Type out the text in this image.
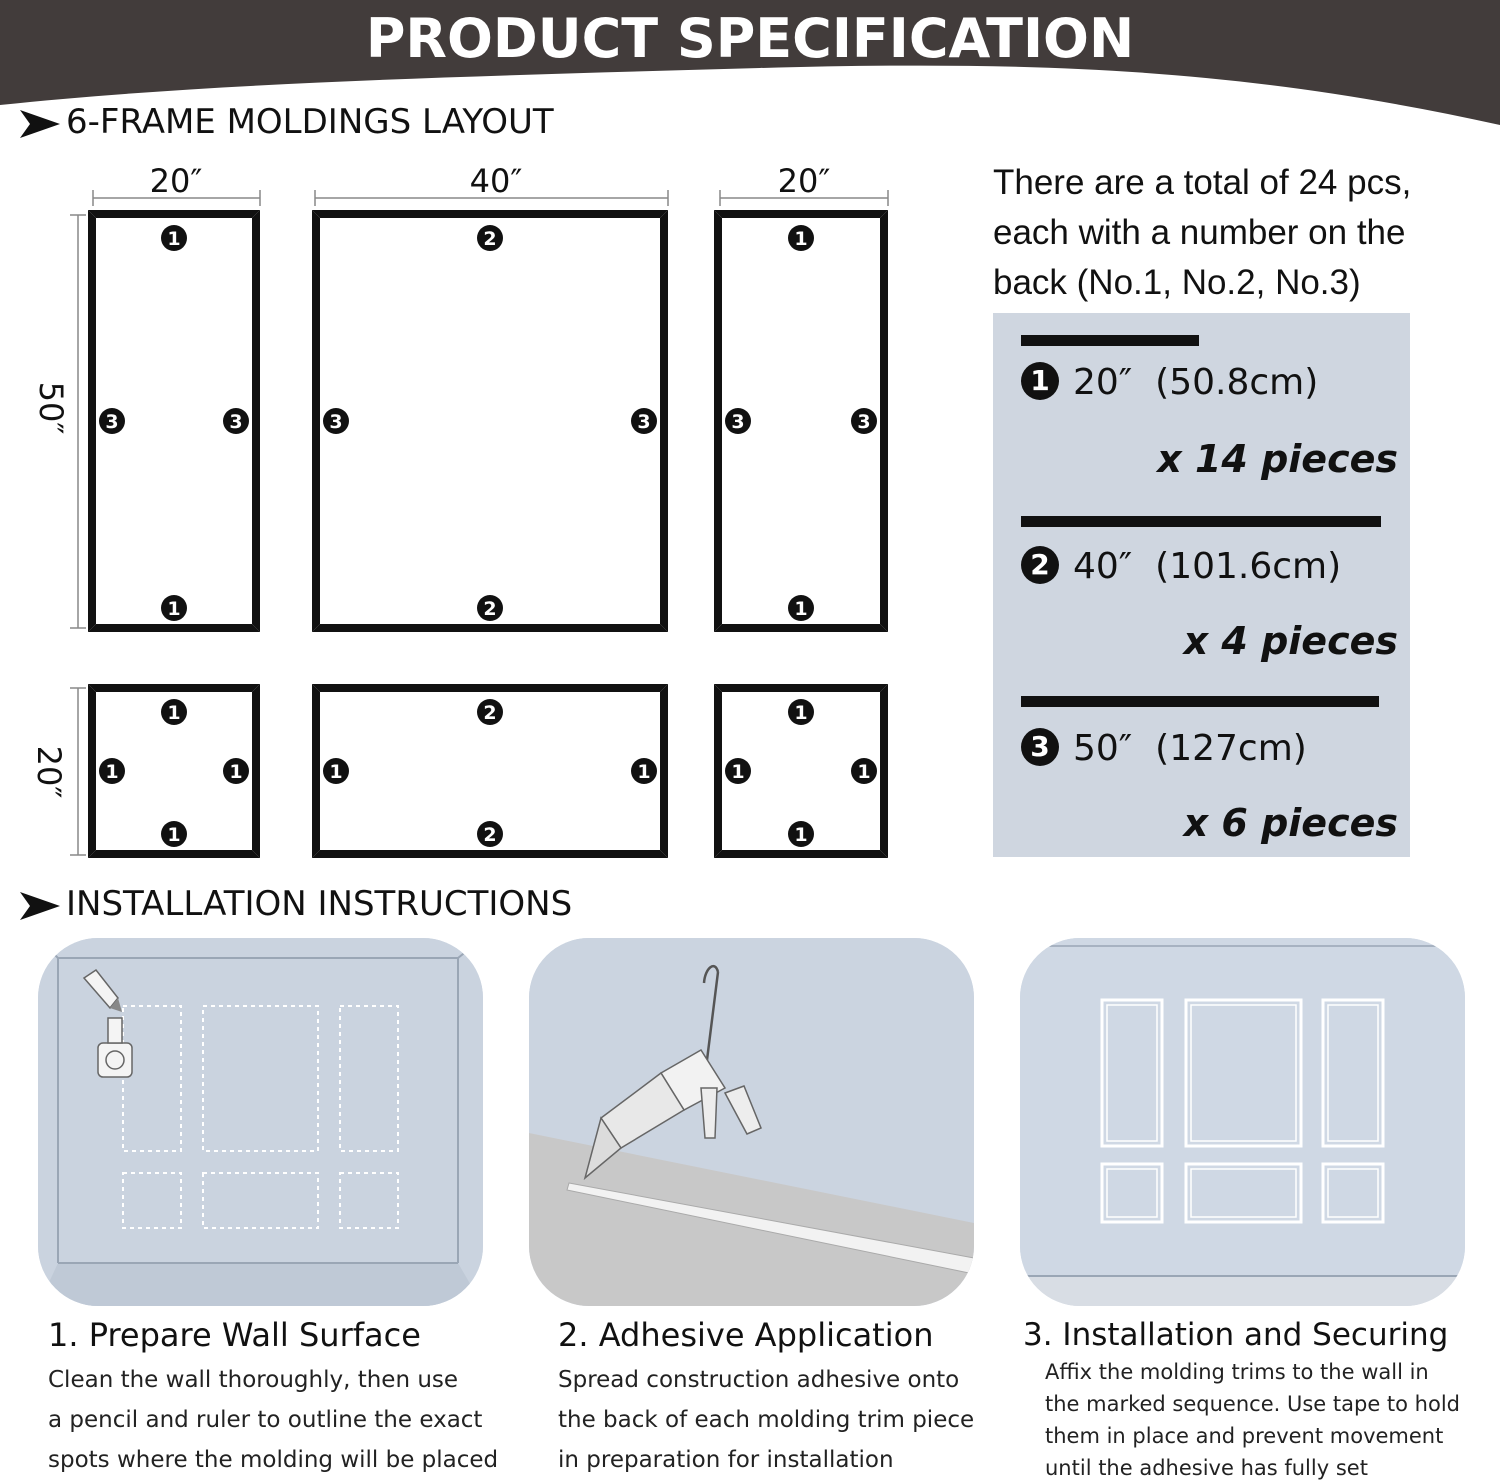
PRODUCT SPECIFICATION
6-FRAME MOLDINGS LAYOUT
1
1
3	3
2
2
3	3
1
1
3	3
1
1
1	1
2
2
1	1
1
1
1	1
20″	40″	20″
50″
20″
There are a total of 24 pcs,
each with a number on the
back (No.1, No.2, No.3)
1 20″ (50.8cm)
x 14 pieces
2 40″ (101.6cm)
x 4 pieces
3 50″ (127cm)
x 6 pieces
INSTALLATION INSTRUCTIONS
1. Prepare Wall Surface
Clean the wall thoroughly, then use
a pencil and ruler to outline the exact
spots where the molding will be placed
2. Adhesive Application
Spread construction adhesive onto
the back of each molding trim piece
in preparation for installation
3. Installation and Securing
Affix the molding trims to the wall in
the marked sequence. Use tape to hold
them in place and prevent movement
until the adhesive has fully set
